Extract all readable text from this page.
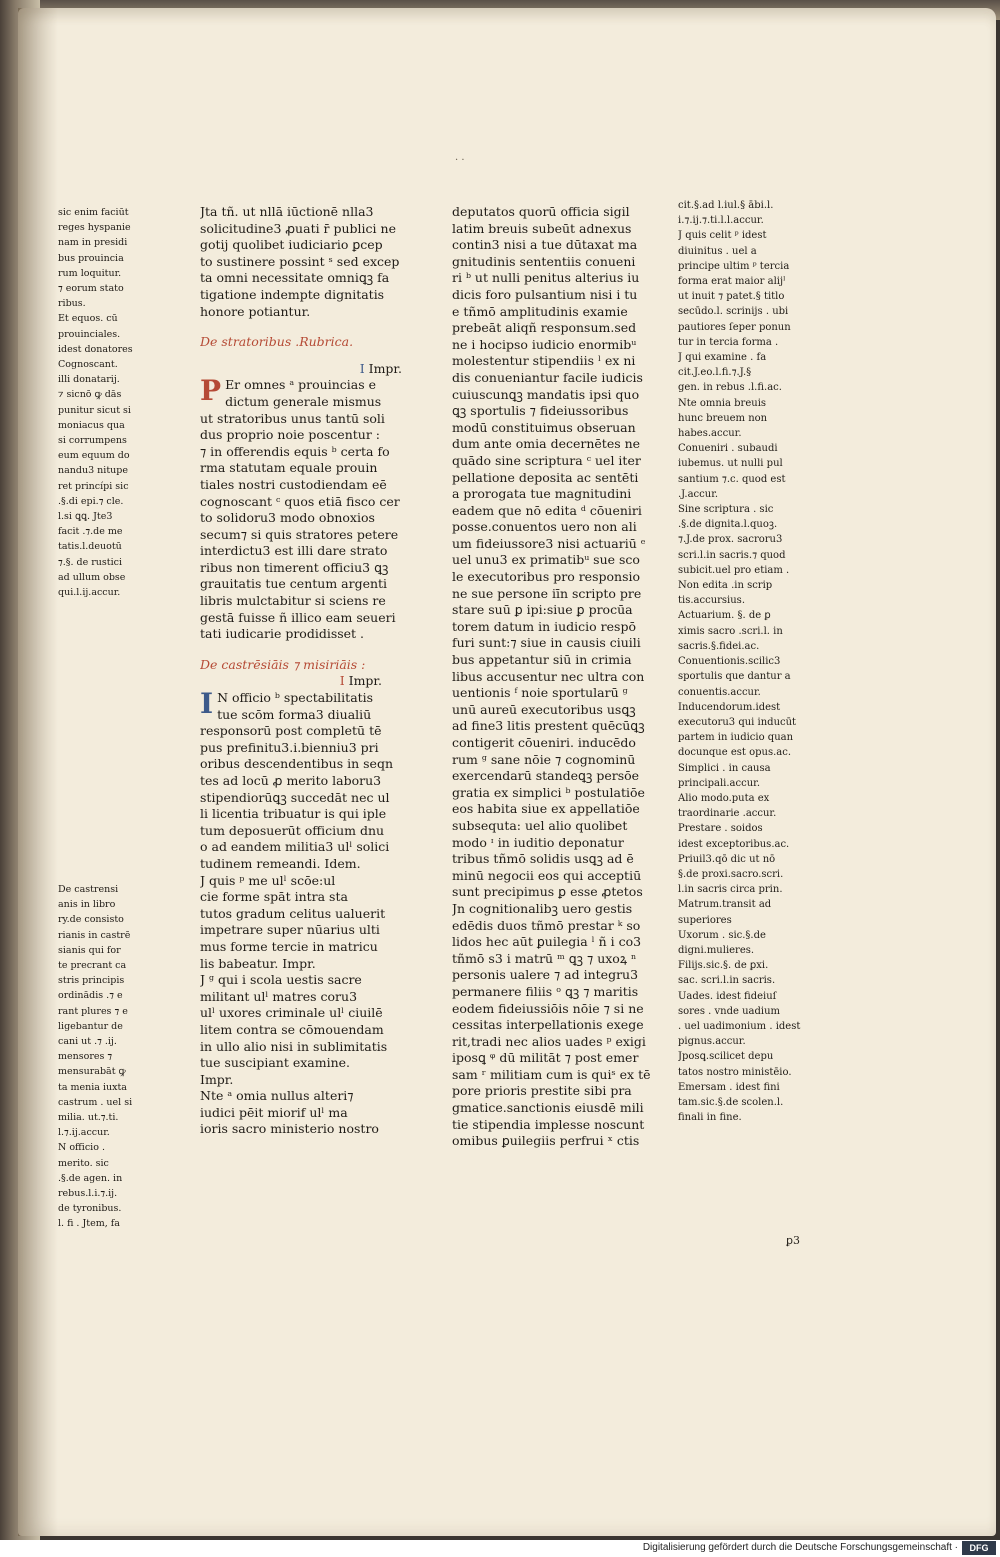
· ·
sic enim faciūt
reges hyspanie
nam in presidi
bus prouincia
rum loquitur.
⁊ eorum stato
ribus.
Et equos. cū
prouinciales.
idest donatores
Cognoscant.
illi donatarij.
⁊ sicnō ꝙ dās
punitur sicut si
moniacus qua
si corrumpens
eum equum do
nandu3 nitupe
ret princípi sic
.§.di epi.⁊ cle.
l.si ꝗꝗ. Jte3
facit .⁊.de me
tatis.l.deuotū
⁊.§. de rustici
ad ullum obse
qui.l.ij.accur.
De castrensi
anis in libro
ry.de consisto
rianis in castrē
sianis qui for
te precrant ca
stris principis
ordinādis .⁊ e
rant plures ⁊ e
ligebantur de
cani ut .⁊ .ij.
mensores ⁊
mensurabāt ꝙ
ta menia iuxta
castrum . uel si
milia. ut.⁊.ti.
l.⁊.ij.accur.
N officio .
merito. sic
.§.de agen. in
rebus.l.i.⁊.ij.
de tyronibus.
l. fi . Jtem, fa
Jta tñ. ut nllā iūctionē nlla3
solicitudine3 ꝓuati r̄ publici ne
gotij quolibet iudiciario ꝑcep
to sustinere possint ˢ sed excep
ta omni necessitate omniꝗꝫ fa
tigatione indempte dignitatis
honore potiantur.
De stratoribus .Rubrica.
I Impr.
P Er omnes ᵃ prouincias e
dictum generale mismus
ut stratoribus unus tantū soli
dus proprio noie poscentur :
⁊ in offerendis equis ᵇ certa fo
rma statutam equale prouin
tiales nostri custodiendam eē
cognoscant ᶜ quos etiā fisco cer
to solidoru3 modo obnoxios
secum⁊ si quis stratores petere
interdictu3 est illi dare strato
ribus non timerent officiu3 ꝗꝫ
grauitatis tue centum argenti
libris mulctabitur si sciens re
gestā fuisse ñ illico eam seueri
tati iudicarie prodidisset .
De castrēsiāis ⁊ misiriāis :
I Impr.
I N officio ᵇ spectabilitatis
tue scōm forma3 diualiū
responsorū post completū tē
pus prefinitu3.i.bienniu3 pri
oribus descendentibus in seqn
tes ad locū ꝓ merito laboru3
stipendiorūꝗꝫ succedāt nec ul
li licentia tribuatur is qui iple
tum deposuerūt officium dnu
o ad eandem militia3 ulˡ solici
tudinem remeandi. Idem.
J quis ᵖ me ulˡ scōe:ul
cie forme spāt intra sta
tutos gradum celitus ualuerit
impetrare super nūarius ulti
mus forme tercie in matricu
lis babeatur. Impr.
J ᵍ qui i scola uestis sacre
militant ulˡ matres coru3
ulˡ uxores criminale ulˡ ciuilē
litem contra se cōmouendam
in ullo alio nisi in sublimitatis
tue suscipiant examine.
Impr.
Nte ᵃ omia nullus alteri⁊
iudici pēit miorif ulˡ ma
ioris sacro ministerio nostro
deputatos quorū officia sigil
latim breuis subeūt adnexus
contin3 nisi a tue dūtaxat ma
gnitudinis sententiis conueni
ri ᵇ ut nulli penitus alterius iu
dicis foro pulsantium nisi i tu
e tñmō amplitudinis examie
prebeāt aliqñ responsum.sed
ne i hocipso iudicio enormibᵘ
molestentur stipendiis ˡ ex ni
dis conueniantur facile iudicis
cuiuscunꝗꝫ mandatis ipsi quo
ꝗꝫ sportulis ⁊ fideiussoribus
modū constituimus obseruan
dum ante omia decernētes ne
quādo sine scriptura ᶜ uel iter
pellatione deposita ac sentēti
a prorogata tue magnitudini
eadem que nō edita ᵈ cōueniri
posse.conuentos uero non ali
um fideiussore3 nisi actuariū ᵉ
uel unu3 ex primatibᵘ sue sco
le executoribus pro responsio
ne sue persone iīn scripto pre
stare suū ꝑ ipi:siue ꝑ procūa
torem datum in iudicio respō
furi sunt:⁊ siue in causis ciuili
bus appetantur siū in crimia
libus accusentur nec ultra con
uentionis ᶠ noie sportularū ᵍ
unū aureū executoribus usꝗꝫ
ad fine3 litis prestent quēcūꝗꝫ
contigerit cōueniri. inducēdo
rum ᵍ sane nōie ⁊ cognominū
exercendarū standeꝗꝫ persōe
gratia ex simplici ᵇ postulatiōe
eos habita siue ex appellatiōe
subsequta: uel alio quolibet
modo ᶦ in iuditio deponatur
tribus tñmō solidis usꝗꝫ ad ē
minū negocii eos qui acceptiū
sunt precipimus ꝑ esse ꝓtetos
Jn cognitionalibꝫ uero gestis
edēdis duos tñmō prestar ᵏ so
lidos hec aūt ꝑuilegia ˡ ñ i co3
tñmō s3 i matrū ᵐ ꝗꝫ ⁊ uxoꝝ ⁿ
personis ualere ⁊ ad integru3
permanere filiis ᵒ ꝗꝫ ⁊ maritis
eodem fideiussiōis nōie ⁊ si ne
cessitas interpellationis exege
rit,tradi nec alios uades ᵖ exigi
iposꝗ ᵠ dū militāt ⁊ post emer
sam ʳ militiam cum is quiˢ ex tē
pore prioris prestite sibi pra
gmatice.sanctionis eiusdē mili
tie stipendia implesse noscunt
omibus ꝑuilegiis perfrui ˣ ctis
cit.§.ad l.iul.§ ābi.l.
i.⁊.ij.⁊.ti.l.l.accur.
J quis celit ᵖ idest
diuinitus . uel a
principe ultim ᵖ tercia
forma erat maior alijˡ
ut inuit ⁊ patet.§ titlo
secūdo.l. scrinijs . ubi
pautiores ſeper ponun
tur in tercia forma .
J qui examine . fa
cit.J.eo.l.fi.⁊.J.§
gen. in rebus .l.fi.ac.
Nte omnia breuis
hunc breuem non
habes.accur.
Conueniri . subaudi
iubemus. ut nulli pul
santium ⁊.c. quod est
.J.accur.
Sine scriptura . sic
.§.de dignita.l.quoꝫ.
⁊.J.de prox. sacroru3
scri.l.in sacris.⁊ quod
subicit.uel pro etiam .
Non edita .in scrip
tis.accursius.
Actuarium. §. de ꝑ
ximis sacro .scri.l. in
sacris.§.fidei.ac.
Conuentionis.scilic3
sportulis que dantur a
conuentis.accur.
Inducendorum.idest
executoru3 qui inducūt
partem in iudicio quan
docunque est opus.ac.
Simplici . in causa
principali.accur.
Alio modo.puta ex
traordinarie .accur.
Prestare . soidos
idest exceptoribus.ac.
Priuil3.qō dic ut nō
§.de proxi.sacro.scri.
l.in sacris circa prin.
Matrum.transit ad
superiores
Uxorum . sic.§.de
digni.mulieres.
Filijs.sic.§. de ꝑxi.
sac. scri.l.in sacris.
Uades. idest fideiuſ
sores . vnde uadium
. uel uadimonium . idest
pignus.accur.
Jposꝗ.scilicet depu
tatos nostro ministēio.
Emersam . idest fini
tam.sic.§.de scolen.l.
finali in fine.
ꝑ3
Digitalisierung gefördert durch die Deutsche Forschungsgemeinschaft ·	DFG
